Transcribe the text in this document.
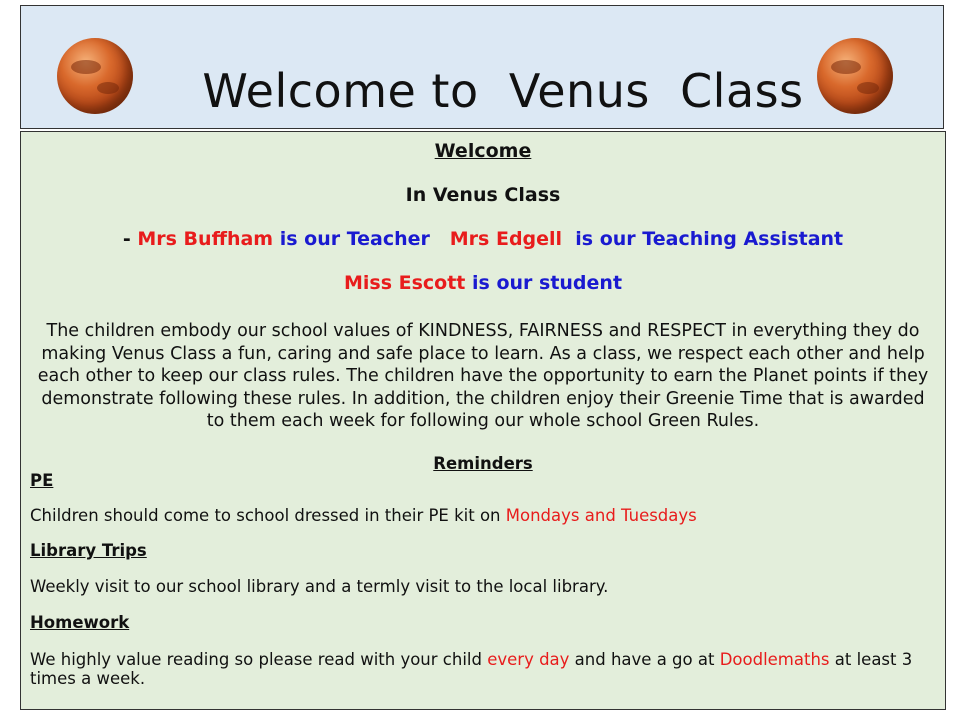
Welcome to  Venus  Class
Welcome
In Venus Class
- Mrs Buffham is our Teacher   Mrs Edgell  is our Teaching Assistant
Miss Escott is our student
The children embody our school values of KINDNESS, FAIRNESS and RESPECT in everything they do making Venus Class a fun, caring and safe place to learn. As a class, we respect each other and help each other to keep our class rules. The children have the opportunity to earn the Planet points if they demonstrate following these rules. In addition, the children enjoy their Greenie Time that is awarded to them each week for following our whole school Green Rules.
Reminders
PE
Children should come to school dressed in their PE kit on Mondays and Tuesdays
Library Trips
Weekly visit to our school library and a termly visit to the local library.
Homework
We highly value reading so please read with your child every day and have a go at Doodlemaths at least 3 times a week.
